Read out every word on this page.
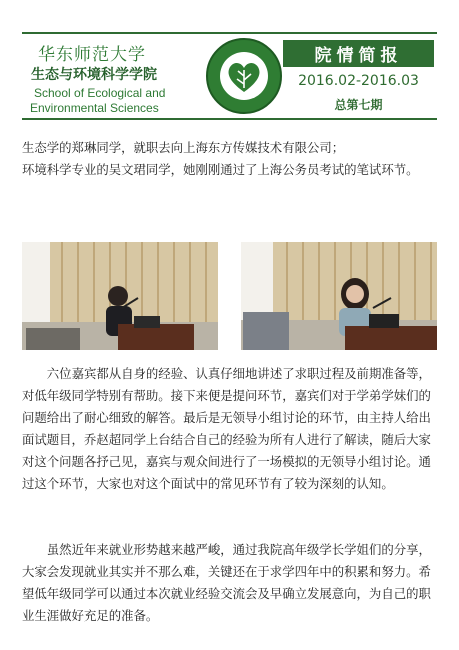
华东师范大学
生态与环境科学学院
School of Ecological and
Environmental Sciences
院情简报
2016.02-2016.03
总第七期
生态学的郑琳同学，就职去向上海东方传媒技术有限公司；
环境科学专业的吴文珺同学，她刚刚通过了上海公务员考试的笔试环节。
六位嘉宾都从自身的经验、认真仔细地讲述了求职过程及前期准备等，对低年级同学特别有帮助。接下来便是提问环节，嘉宾们对于学弟学妹们的问题给出了耐心细致的解答。最后是无领导小组讨论的环节，由主持人给出面试题目，乔赵超同学上台结合自己的经验为所有人进行了解读，随后大家对这个问题各抒己见，嘉宾与观众间进行了一场模拟的无领导小组讨论。通过这个环节，大家也对这个面试中的常见环节有了较为深刻的认知。
虽然近年来就业形势越来越严峻，通过我院高年级学长学姐们的分享，大家会发现就业其实并不那么难，关键还在于求学四年中的积累和努力。希望低年级同学可以通过本次就业经验交流会及早确立发展意向，为自己的职业生涯做好充足的准备。
